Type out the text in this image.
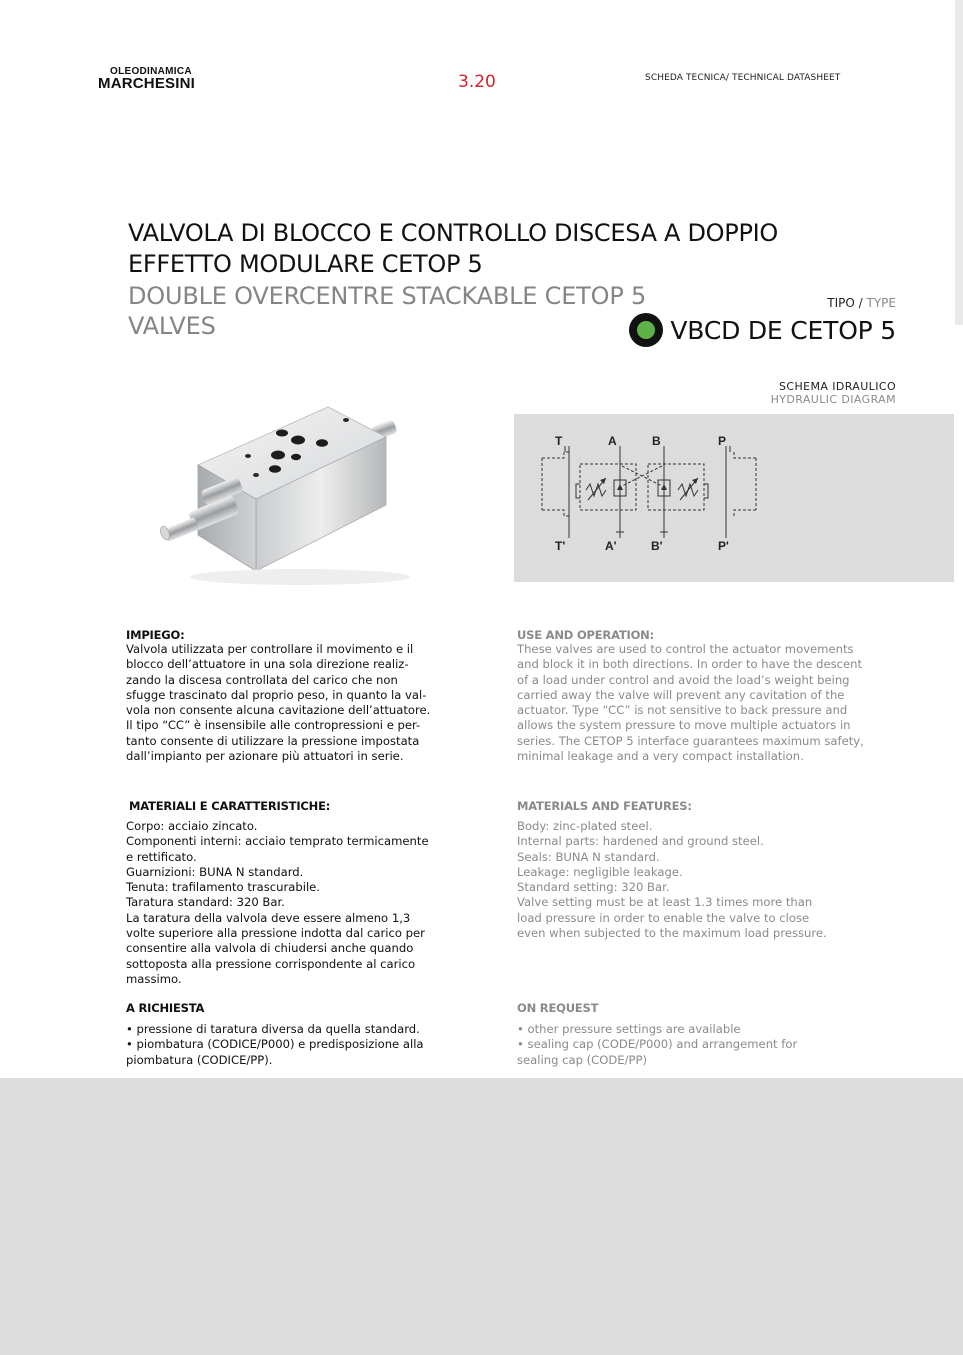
OLEODINAMICA
MARCHESINI	3.20	SCHEDA TECNICA/ TECHNICAL DATASHEET
VALVOLA DI BLOCCO E CONTROLLO DISCESA A DOPPIO EFFETTO MODULARE CETOP 5
DOUBLE OVERCENTRE STACKABLE CETOP 5 VALVES
TIPO / TYPE
VBCD DE CETOP 5
SCHEMA IDRAULICO
HYDRAULIC DIAGRAM
T	A	B	P
T'	A'	B'	P'
IMPIEGO:
Valvola utilizzata per controllare il movimento e il
blocco dell’attuatore in una sola direzione realiz-
zando la discesa controllata del carico che non
sfugge trascinato dal proprio peso, in quanto la val-
vola non consente alcuna cavitazione dell’attuatore.
Il tipo “CC” è insensibile alle contropressioni e per-
tanto consente di utilizzare la pressione impostata
dall’impianto per azionare più attuatori in serie.
USE AND OPERATION:
These valves are used to control the actuator movements
and block it in both directions. In order to have the descent
of a load under control and avoid the load’s weight being
carried away the valve will prevent any cavitation of the
actuator. Type “CC” is not sensitive to back pressure and
allows the system pressure to move multiple actuators in
series. The CETOP 5 interface guarantees maximum safety,
minimal leakage and a very compact installation.
MATERIALI E CARATTERISTICHE:
Corpo: acciaio zincato.
Componenti interni: acciaio temprato termicamente
e rettificato.
Guarnizioni: BUNA N standard.
Tenuta: trafilamento trascurabile.
Taratura standard: 320 Bar.
La taratura della valvola deve essere almeno 1,3
volte superiore alla pressione indotta dal carico per
consentire alla valvola di chiudersi anche quando
sottoposta alla pressione corrispondente al carico
massimo.
MATERIALS AND FEATURES:
Body: zinc-plated steel.
Internal parts: hardened and ground steel.
Seals: BUNA N standard.
Leakage: negligible leakage.
Standard setting: 320 Bar.
Valve setting must be at least 1.3 times more than
load pressure in order to enable the valve to close
even when subjected to the maximum load pressure.
A RICHIESTA
• pressione di taratura diversa da quella standard.
• piombatura (CODICE/P000) e predisposizione alla
piombatura (CODICE/PP).
ON REQUEST
• other pressure settings are available
• sealing cap (CODE/P000) and arrangement for
sealing cap (CODE/PP)
